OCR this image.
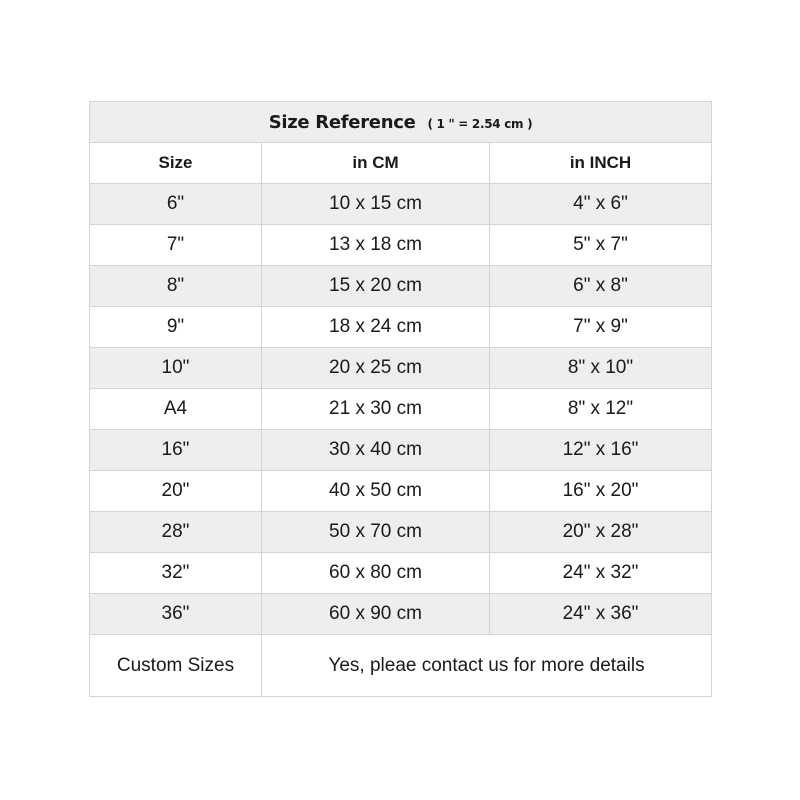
Size Reference ( 1 " = 2.54 cm )		
Size	in CM	in INCH
6"	10 x 15 cm	4" x 6"
7"	13 x 18 cm	5" x 7"
8"	15 x 20 cm	6" x 8"
9"	18 x 24 cm	7" x 9"
10"	20 x 25 cm	8" x 10"
A4	21 x 30 cm	8" x 12"
16"	30 x 40 cm	12" x 16"
20"	40 x 50 cm	16" x 20"
28"	50 x 70 cm	20" x 28"
32"	60 x 80 cm	24" x 32"
36"	60 x 90 cm	24" x 36"
Custom Sizes	Yes, pleae contact us for more details	
